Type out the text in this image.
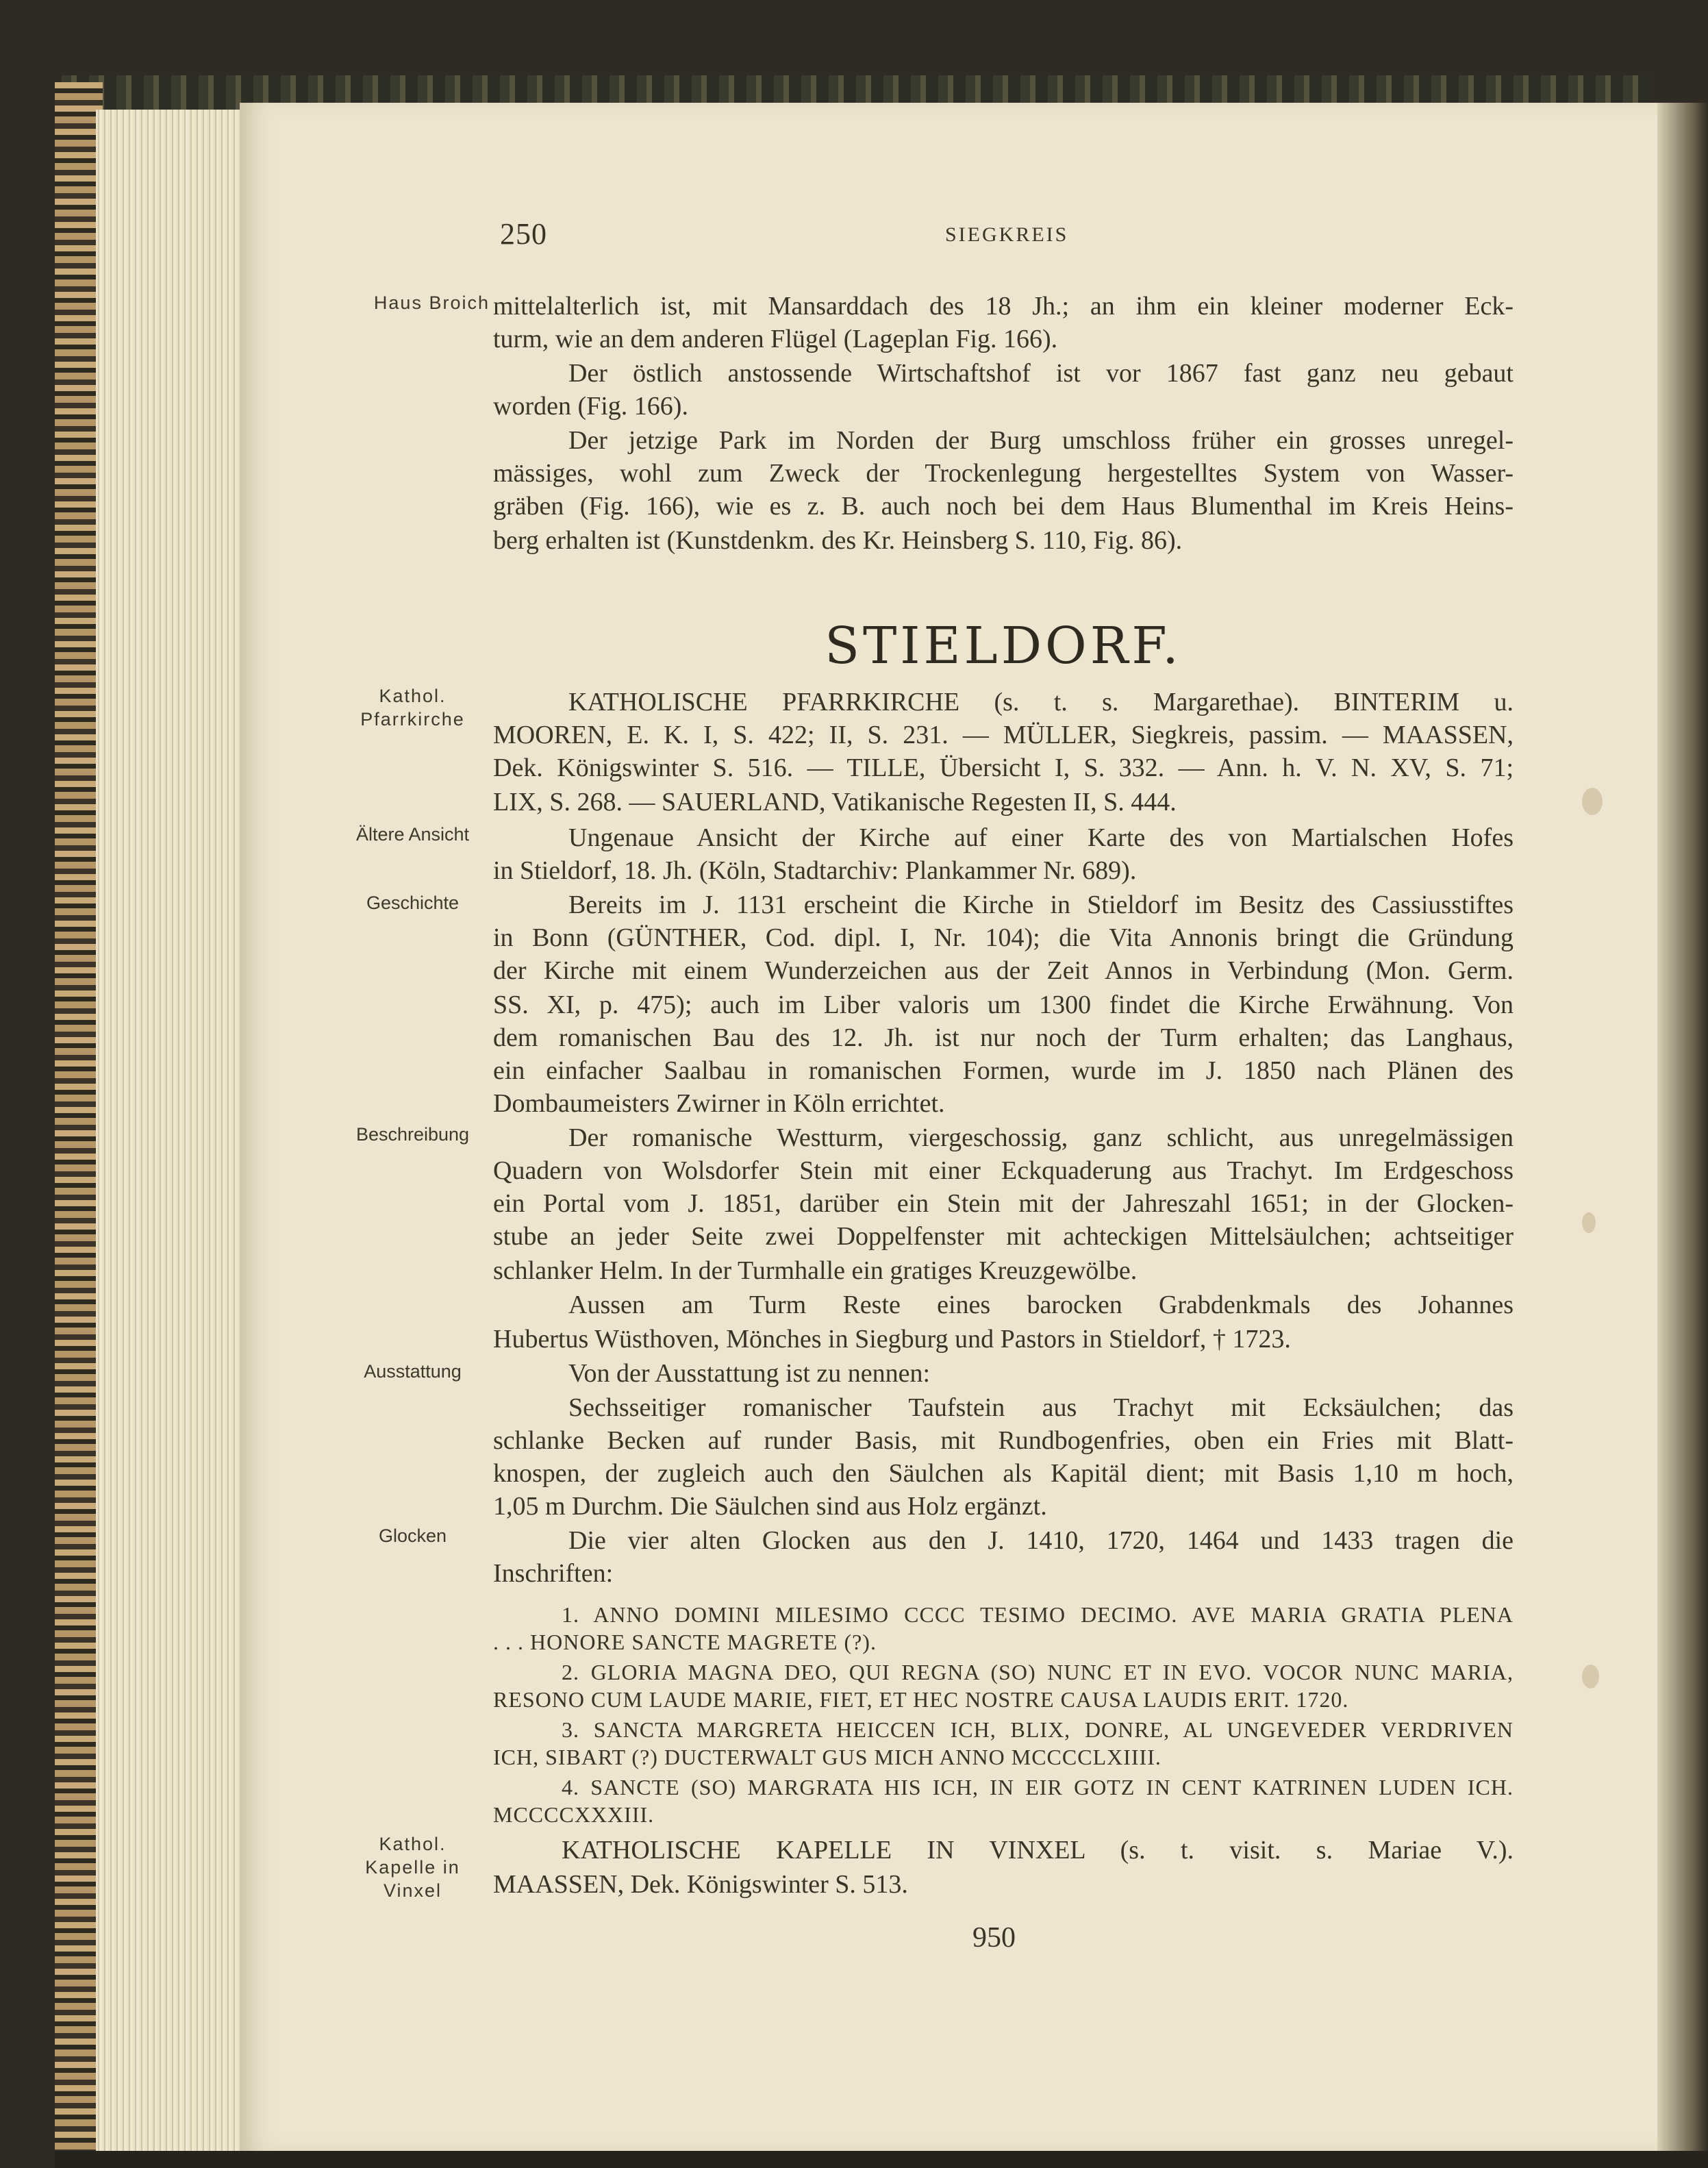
250	SIEGKREIS
Haus Broich
Kathol.
Pfarrkirche
Ältere Ansicht
Geschichte
Beschreibung
Ausstattung
Glocken
Kathol.
Kapelle in
Vinxel
mittelalterlich ist, mit Mansarddach des 18 Jh.; an ihm ein kleiner moderner Eck-
turm, wie an dem anderen Flügel (Lageplan Fig. 166).
Der östlich anstossende Wirtschaftshof ist vor 1867 fast ganz neu gebaut
worden (Fig. 166).
Der jetzige Park im Norden der Burg umschloss früher ein grosses unregel-
mässiges, wohl zum Zweck der Trockenlegung hergestelltes System von Wasser-
gräben (Fig. 166), wie es z. B. auch noch bei dem Haus Blumenthal im Kreis Heins-
berg erhalten ist (Kunstdenkm. des Kr. Heinsberg S. 110, Fig. 86).
STIELDORF.
KATHOLISCHE PFARRKIRCHE (s. t. s. Margarethae). BINTERIM u.
MOOREN, E. K. I, S. 422; II, S. 231. — MÜLLER, Siegkreis, passim. — MAASSEN,
Dek. Königswinter S. 516. — TILLE, Übersicht I, S. 332. — Ann. h. V. N. XV, S. 71;
LIX, S. 268. — SAUERLAND, Vatikanische Regesten II, S. 444.
Ungenaue Ansicht der Kirche auf einer Karte des von Martialschen Hofes
in Stieldorf, 18. Jh. (Köln, Stadtarchiv: Plankammer Nr. 689).
Bereits im J. 1131 erscheint die Kirche in Stieldorf im Besitz des Cassiusstiftes
in Bonn (GÜNTHER, Cod. dipl. I, Nr. 104); die Vita Annonis bringt die Gründung
der Kirche mit einem Wunderzeichen aus der Zeit Annos in Verbindung (Mon. Germ.
SS. XI, p. 475); auch im Liber valoris um 1300 findet die Kirche Erwähnung. Von
dem romanischen Bau des 12. Jh. ist nur noch der Turm erhalten; das Langhaus,
ein einfacher Saalbau in romanischen Formen, wurde im J. 1850 nach Plänen des
Dombaumeisters Zwirner in Köln errichtet.
Der romanische Westturm, viergeschossig, ganz schlicht, aus unregelmässigen
Quadern von Wolsdorfer Stein mit einer Eckquaderung aus Trachyt. Im Erdgeschoss
ein Portal vom J. 1851, darüber ein Stein mit der Jahreszahl 1651; in der Glocken-
stube an jeder Seite zwei Doppelfenster mit achteckigen Mittelsäulchen; achtseitiger
schlanker Helm. In der Turmhalle ein gratiges Kreuzgewölbe.
Aussen am Turm Reste eines barocken Grabdenkmals des Johannes
Hubertus Wüsthoven, Mönches in Siegburg und Pastors in Stieldorf, † 1723.
Von der Ausstattung ist zu nennen:
Sechsseitiger romanischer Taufstein aus Trachyt mit Ecksäulchen; das
schlanke Becken auf runder Basis, mit Rundbogenfries, oben ein Fries mit Blatt-
knospen, der zugleich auch den Säulchen als Kapitäl dient; mit Basis 1,10 m hoch,
1,05 m Durchm. Die Säulchen sind aus Holz ergänzt.
Die vier alten Glocken aus den J. 1410, 1720, 1464 und 1433 tragen die
Inschriften:
1. ANNO DOMINI MILESIMO CCCC TESIMO DECIMO. AVE MARIA GRATIA PLENA
. . . HONORE SANCTE MAGRETE (?).
2. GLORIA MAGNA DEO, QUI REGNA (SO) NUNC ET IN EVO. VOCOR NUNC MARIA,
RESONO CUM LAUDE MARIE, FIET, ET HEC NOSTRE CAUSA LAUDIS ERIT. 1720.
3. SANCTA MARGRETA HEICCEN ICH, BLIX, DONRE, AL UNGEVEDER VERDRIVEN
ICH, SIBART (?) DUCTERWALT GUS MICH ANNO MCCCCLXIIII.
4. SANCTE (SO) MARGRATA HIS ICH, IN EIR GOTZ IN CENT KATRINEN LUDEN ICH.
MCCCCXXXIII.
KATHOLISCHE KAPELLE IN VINXEL (s. t. visit. s. Mariae V.).
MAASSEN, Dek. Königswinter S. 513.
950
